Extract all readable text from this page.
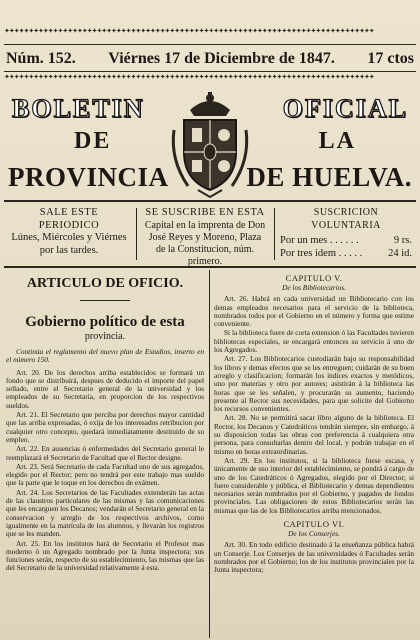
✦✦✦✦✦✦✦✦✦✦✦✦✦✦✦✦✦✦✦✦✦✦✦✦✦✦✦✦✦✦✦✦✦✦✦✦✦✦✦✦✦✦✦✦✦✦✦✦✦✦✦✦✦✦✦✦✦✦✦✦✦✦✦✦✦✦✦✦✦✦✦✦✦✦✦✦
Núm. 152.	Viérnes 17 de Diciembre de 1847.	17 ctos
✦✦✦✦✦✦✦✦✦✦✦✦✦✦✦✦✦✦✦✦✦✦✦✦✦✦✦✦✦✦✦✦✦✦✦✦✦✦✦✦✦✦✦✦✦✦✦✦✦✦✦✦✦✦✦✦✦✦✦✦✦✦✦✦✦✦✦✦✦✦✦✦✦✦✦✦
BOLETIN	OFICIAL
DE	LA
PROVINCIA	DE HUELVA.
SALE ESTE PERIODICO
Lúnes, Miércoles y Viérnes por las tardes.
SE SUSCRIBE EN ESTA
Capital en la imprenta de Don José Reyes y Moreno, Plaza de la Constitucion, núm. primero.
SUSCRICION VOLUNTARIA
Por un mes . . . . . .	9 rs.
Por tres idem . . . . . 24 id.
ARTICULO DE OFICIO.
Gobierno político de esta
provincia.

Continúa el reglamento del nuevo plan de Estudios, inserto en el número 150.

Art. 20. De los derechos arriba establecidos se formará un fondo que se distribuirá, despues de deducido el importe del papel sellado, entre el Secretario general de la universidad y los empleados de su Secretaría, en proporcion de los respectivos sueldos.

Art. 21. El Secretario que perciba por derechos mayor cantidad que las arriba expresadas, ó exija de los interesados retribucion por cualquier otro concepto, quedará inmediatamente destituido de su empleo.

Art. 22. En ausencias ó enfermedades del Secretario general le reemplazará el Secretario de Facultad que el Rector designe.

Art. 23. Será Secretario de cada Facultad uno de sus agregados, elegido por el Rector; pero no tendrá por este trabajo mas sueldo que la parte que le toque en los derechos de exámen.

Art. 24. Los Secretarios de las Facultades extenderán las actas de las claustros particulares de las mismas y las comunicaciones que les encarguen los Decanos; vendarán el Secretario general en la conservacion y arreglo de los respectivos archivos, como igualmente en la matrícula de los alumnos, y llevarán los registros que se les manden.

Art. 25. En los institutos hará de Secretario el Profesor mas moderno ó un Agregado nombrado por la Junta inspectora; sus funciones serán, respecto de su establecimiento, las mismas que las del Secretario de la universidad relativamente á esta.

CAPITULO V.
De los Bibliotecarios.

Art. 26. Habrá en cada universidad un Bibliotecario con los demas empleados necesarios para el servicio de la biblioteca, nombrados todos por el Gobierno en el número y forma que estime conveniente.

Si la biblioteca fuere de corta extension ó las Facultades tuvieren bibliotecas especiales, se encargará entonces su servicio á uno de los Agregados.

Art. 27. Los Bibliotecarios custodiarán bajo su responsabilidad los libros y demas efectos que se les entreguen; cuidarán de su buen arreglo y clasificacion; formarán los índices exactos y metódicos, uno por materias y otro por autores; asistirán á la biblioteca las horas que se les señalen, y procurarán su aumento, haciendo presente al Rector sus necesidades, para que solicite del Gobierno los recursos convenientes.

Art. 28. No se permitirá sacar libro alguno de la biblioteca. El Rector, los Decanos y Catedráticos tendrán siempre, sin embargo, á su disposicion todas las obras con preferencia á cualquiera otra persona, para consultarlas dentro del local, y podrán trabajar en el mismo en horas extraordinarias.

Art. 29. En los institutos, si la biblioteca fuese escasa, y únicamente de uso interior del establecimiento, se pondrá á cargo de uno de los Catedráticos ó Agregados, elegido por el Director; si fuere considerable y pública, el Bibliotecario y demas dependientes necesarios serán nombrados por el Gobierno, y pagados de fondos provinciales. Las obligaciones de estos Bibliotecarios serán las mismas que las de los Bibliotecarios arriba mencionados.

CAPITULO VI.
De los Conserjes.

Art. 30. En todo edificio destinado á la enseñanza pública habrá un Conserje. Los Conserjes de las universidades ó Facultades serán nombrados por el Gobierno; los de los institutos provinciales por la Junta inspectora;
